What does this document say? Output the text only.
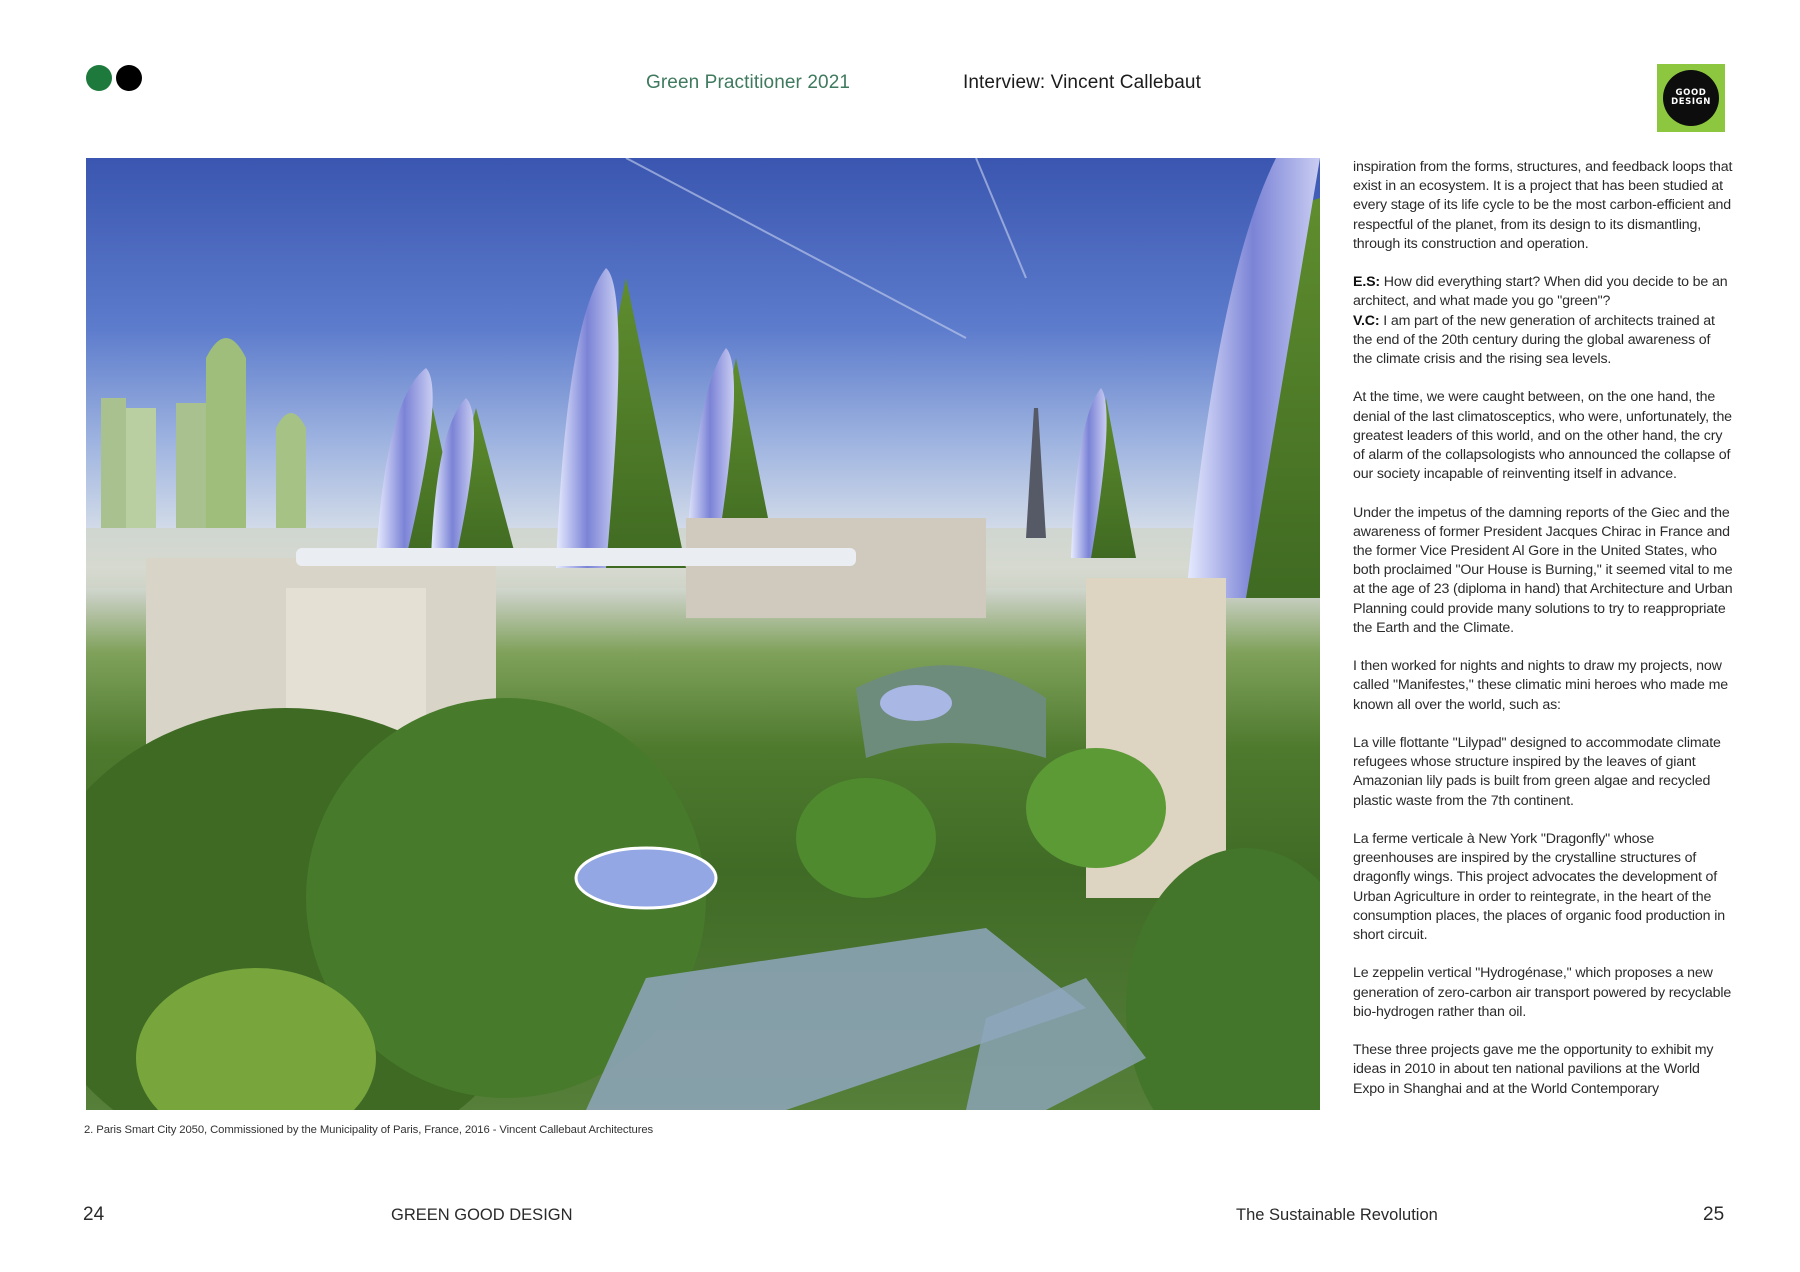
Green Practitioner 2021	Interview: Vincent Callebaut	GOOD
DESIGN
2. Paris Smart City 2050, Commissioned by the Municipality of Paris, France, 2016 - Vincent Callebaut Architectures

inspiration from the forms, structures, and feedback loops that exist in an ecosystem. It is a project that has been studied at every stage of its life cycle to be the most carbon-efficient and respectful of the planet, from its design to its dismantling, through its construction and operation.

E.S: How did everything start? When did you decide to be an architect, and what made you go "green"?
V.C: I am part of the new generation of architects trained at the end of the 20th century during the global awareness of the climate crisis and the rising sea levels.

At the time, we were caught between, on the one hand, the denial of the last climatosceptics, who were, unfortunately, the greatest leaders of this world, and on the other hand, the cry of alarm of the collapsologists who announced the collapse of our society incapable of reinventing itself in advance.

Under the impetus of the damning reports of the Giec and the awareness of former President Jacques Chirac in France and the former Vice President Al Gore in the United States, who both proclaimed "Our House is Burning," it seemed vital to me at the age of 23 (diploma in hand) that Architecture and Urban Planning could provide many solutions to try to reappropriate the Earth and the Climate.

I then worked for nights and nights to draw my projects, now called "Manifestes," these climatic mini heroes who made me known all over the world, such as:

La ville flottante "Lilypad" designed to accommodate climate refugees whose structure inspired by the leaves of giant Amazonian lily pads is built from green algae and recycled plastic waste from the 7th continent.

La ferme verticale à New York "Dragonfly" whose greenhouses are inspired by the crystalline structures of dragonfly wings. This project advocates the development of Urban Agriculture in order to reintegrate, in the heart of the consumption places, the places of organic food production in short circuit.

Le zeppelin vertical "Hydrogénase," which proposes a new generation of zero-carbon air transport powered by recyclable bio-hydrogen rather than oil.

These three projects gave me the opportunity to exhibit my ideas in 2010 in about ten national pavilions at the World Expo in Shanghai and at the World Contemporary

24	GREEN GOOD DESIGN	The Sustainable Revolution	25
